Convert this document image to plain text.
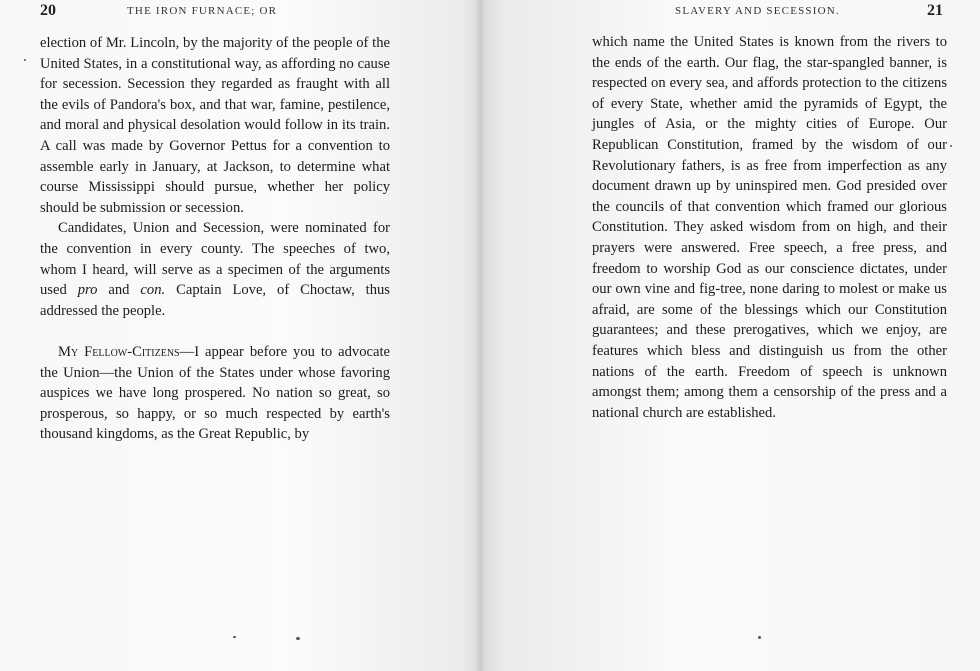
20	THE IRON FURNACE; OR

election of Mr. Lincoln, by the majority of the people of the United States, in a constitutional way, as affording no cause for secession. Secession they regarded as fraught with all the evils of Pandora's box, and that war, famine, pestilence, and moral and physical desolation would follow in its train. A call was made by Governor Pettus for a convention to assemble early in January, at Jackson, to determine what course Mississippi should pursue, whether her policy should be submission or secession.

Candidates, Union and Secession, were nominated for the convention in every county. The speeches of two, whom I heard, will serve as a specimen of the arguments used pro and con. Captain Love, of Choctaw, thus addressed the people.

My Fellow-Citizens—I appear before you to advocate the Union—the Union of the States under whose favoring auspices we have long prospered. No nation so great, so prosperous, so happy, or so much respected by earth's thousand kingdoms, as the Great Republic, by

SLAVERY AND SECESSION.	21

which name the United States is known from the rivers to the ends of the earth. Our flag, the star-spangled banner, is respected on every sea, and affords protection to the citizens of every State, whether amid the pyramids of Egypt, the jungles of Asia, or the mighty cities of Europe. Our Republican Constitution, framed by the wisdom of our Revolutionary fathers, is as free from imperfection as any document drawn up by uninspired men. God presided over the councils of that convention which framed our glorious Constitution. They asked wisdom from on high, and their prayers were answered. Free speech, a free press, and freedom to worship God as our conscience dictates, under our own vine and fig-tree, none daring to molest or make us afraid, are some of the blessings which our Constitution guarantees; and these prerogatives, which we enjoy, are features which bless and distinguish us from the other nations of the earth. Freedom of speech is unknown amongst them; among them a censorship of the press and a national church are established.
